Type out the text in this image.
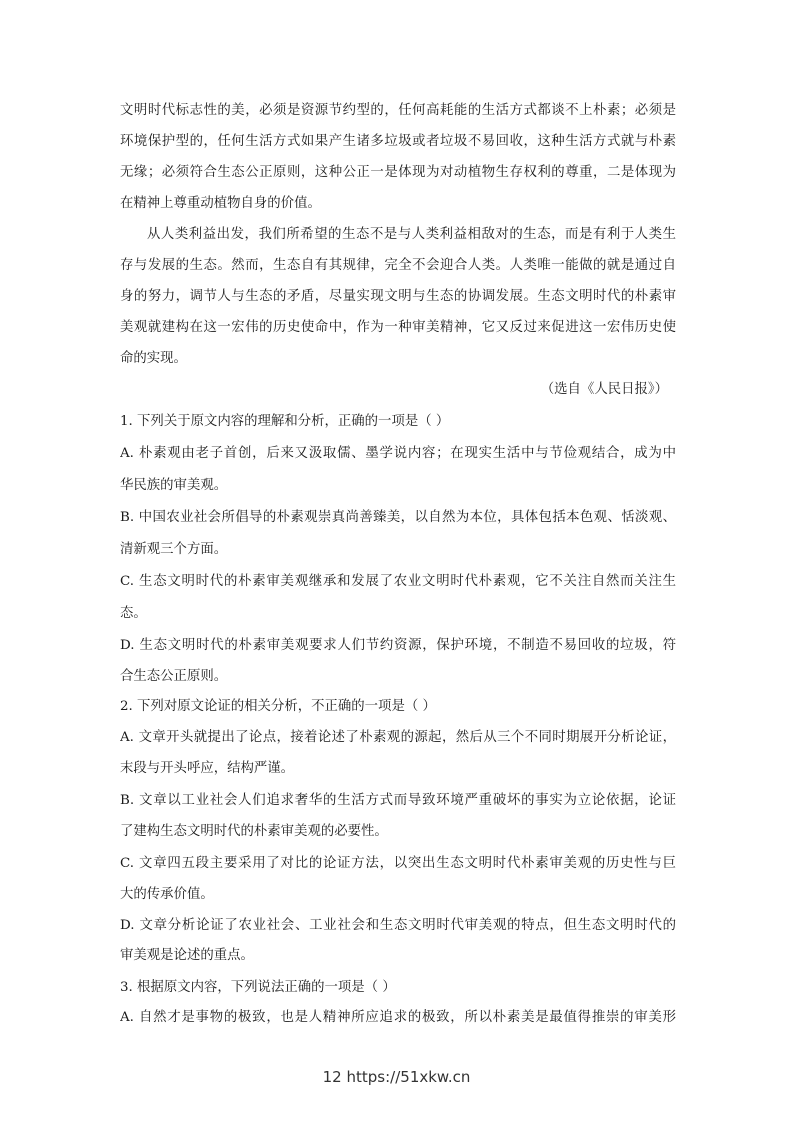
文明时代标志性的美，必须是资源节约型的，任何高耗能的生活方式都谈不上朴素；必须是
环境保护型的，任何生活方式如果产生诸多垃圾或者垃圾不易回收，这种生活方式就与朴素
无缘；必须符合生态公正原则，这种公正一是体现为对动植物生存权利的尊重，二是体现为
在精神上尊重动植物自身的价值。
从人类利益出发，我们所希望的生态不是与人类利益相敌对的生态，而是有利于人类生
存与发展的生态。然而，生态自有其规律，完全不会迎合人类。人类唯一能做的就是通过自
身的努力，调节人与生态的矛盾，尽量实现文明与生态的协调发展。生态文明时代的朴素审
美观就建构在这一宏伟的历史使命中，作为一种审美精神，它又反过来促进这一宏伟历史使
命的实现。
（选自《人民日报》）
1. 下列关于原文内容的理解和分析，正确的一项是（ ）
A. 朴素观由老子首创，后来又汲取儒、墨学说内容；在现实生活中与节俭观结合，成为中
华民族的审美观。
B. 中国农业社会所倡导的朴素观崇真尚善臻美，以自然为本位，具体包括本色观、恬淡观、
清新观三个方面。
C. 生态文明时代的朴素审美观继承和发展了农业文明时代朴素观，它不关注自然而关注生
态。
D. 生态文明时代的朴素审美观要求人们节约资源，保护环境，不制造不易回收的垃圾，符
合生态公正原则。
2. 下列对原文论证的相关分析，不正确的一项是（ ）
A. 文章开头就提出了论点，接着论述了朴素观的源起，然后从三个不同时期展开分析论证，
末段与开头呼应，结构严谨。
B. 文章以工业社会人们追求奢华的生活方式而导致环境严重破坏的事实为立论依据，论证
了建构生态文明时代的朴素审美观的必要性。
C. 文章四五段主要采用了对比的论证方法，以突出生态文明时代朴素审美观的历史性与巨
大的传承价值。
D. 文章分析论证了农业社会、工业社会和生态文明时代审美观的特点，但生态文明时代的
审美观是论述的重点。
3. 根据原文内容，下列说法正确的一项是（ ）
A. 自然才是事物的极致，也是人精神所应追求的极致，所以朴素美是最值得推崇的审美形
12 https://51xkw.cn
